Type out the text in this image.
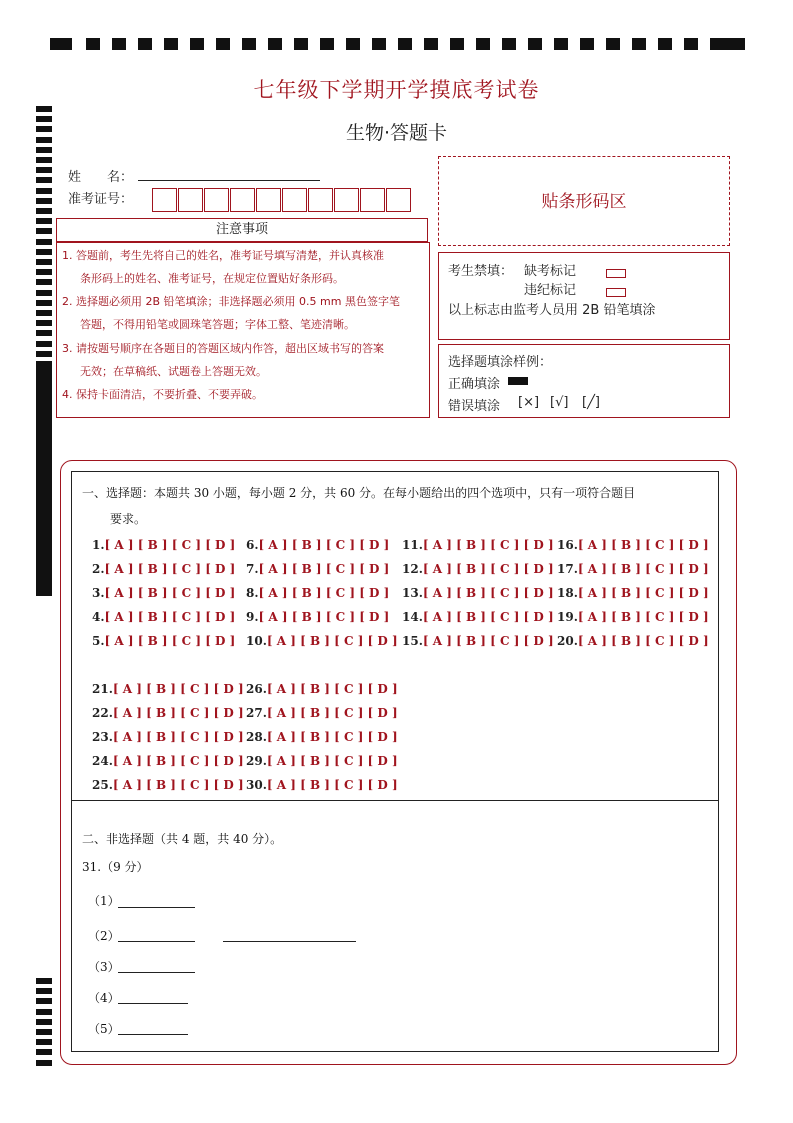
七年级下学期开学摸底考试卷
生物·答题卡
姓　　名：
准考证号：	贴条形码区
注意事项

1. 答题前，考生先将自己的姓名，准考证号填写清楚，并认真核准

条形码上的姓名、准考证号，在规定位置贴好条形码。

2. 选择题必须用 2B 铅笔填涂；非选择题必须用 0.5 mm 黑色签字笔

答题，不得用铅笔或圆珠笔答题；字体工整、笔迹清晰。

3. 请按题号顺序在各题目的答题区域内作答，超出区域书写的答案

无效；在草稿纸、试题卷上答题无效。

4. 保持卡面清洁，不要折叠、不要弄破。

考生禁填： 缺考标记
违纪标记
以上标志由监考人员用 2B 铅笔填涂
选择题填涂样例：
正确填涂
错误填涂 [×] [√] [╱]
一、选择题：本题共 30 小题，每小题 2 分，共 60 分。在每小题给出的四个选项中，只有一项符合题目
要求。
1.[ A ] [ B ] [ C ] [ D ]
2.[ A ] [ B ] [ C ] [ D ]
3.[ A ] [ B ] [ C ] [ D ]
4.[ A ] [ B ] [ C ] [ D ]
5.[ A ] [ B ] [ C ] [ D ]
6.[ A ] [ B ] [ C ] [ D ]
7.[ A ] [ B ] [ C ] [ D ]
8.[ A ] [ B ] [ C ] [ D ]
9.[ A ] [ B ] [ C ] [ D ]
10.[ A ] [ B ] [ C ] [ D ]
11.[ A ] [ B ] [ C ] [ D ]
12.[ A ] [ B ] [ C ] [ D ]
13.[ A ] [ B ] [ C ] [ D ]
14.[ A ] [ B ] [ C ] [ D ]
15.[ A ] [ B ] [ C ] [ D ]
16.[ A ] [ B ] [ C ] [ D ]
17.[ A ] [ B ] [ C ] [ D ]
18.[ A ] [ B ] [ C ] [ D ]
19.[ A ] [ B ] [ C ] [ D ]
20.[ A ] [ B ] [ C ] [ D ]
21.[ A ] [ B ] [ C ] [ D ]
22.[ A ] [ B ] [ C ] [ D ]
23.[ A ] [ B ] [ C ] [ D ]
24.[ A ] [ B ] [ C ] [ D ]
25.[ A ] [ B ] [ C ] [ D ]
26.[ A ] [ B ] [ C ] [ D ]
27.[ A ] [ B ] [ C ] [ D ]
28.[ A ] [ B ] [ C ] [ D ]
29.[ A ] [ B ] [ C ] [ D ]
30.[ A ] [ B ] [ C ] [ D ]
二、非选择题（共 4 题，共 40 分）。
31.（9 分）
（1）
（2）
（3）
（4）
（5）
